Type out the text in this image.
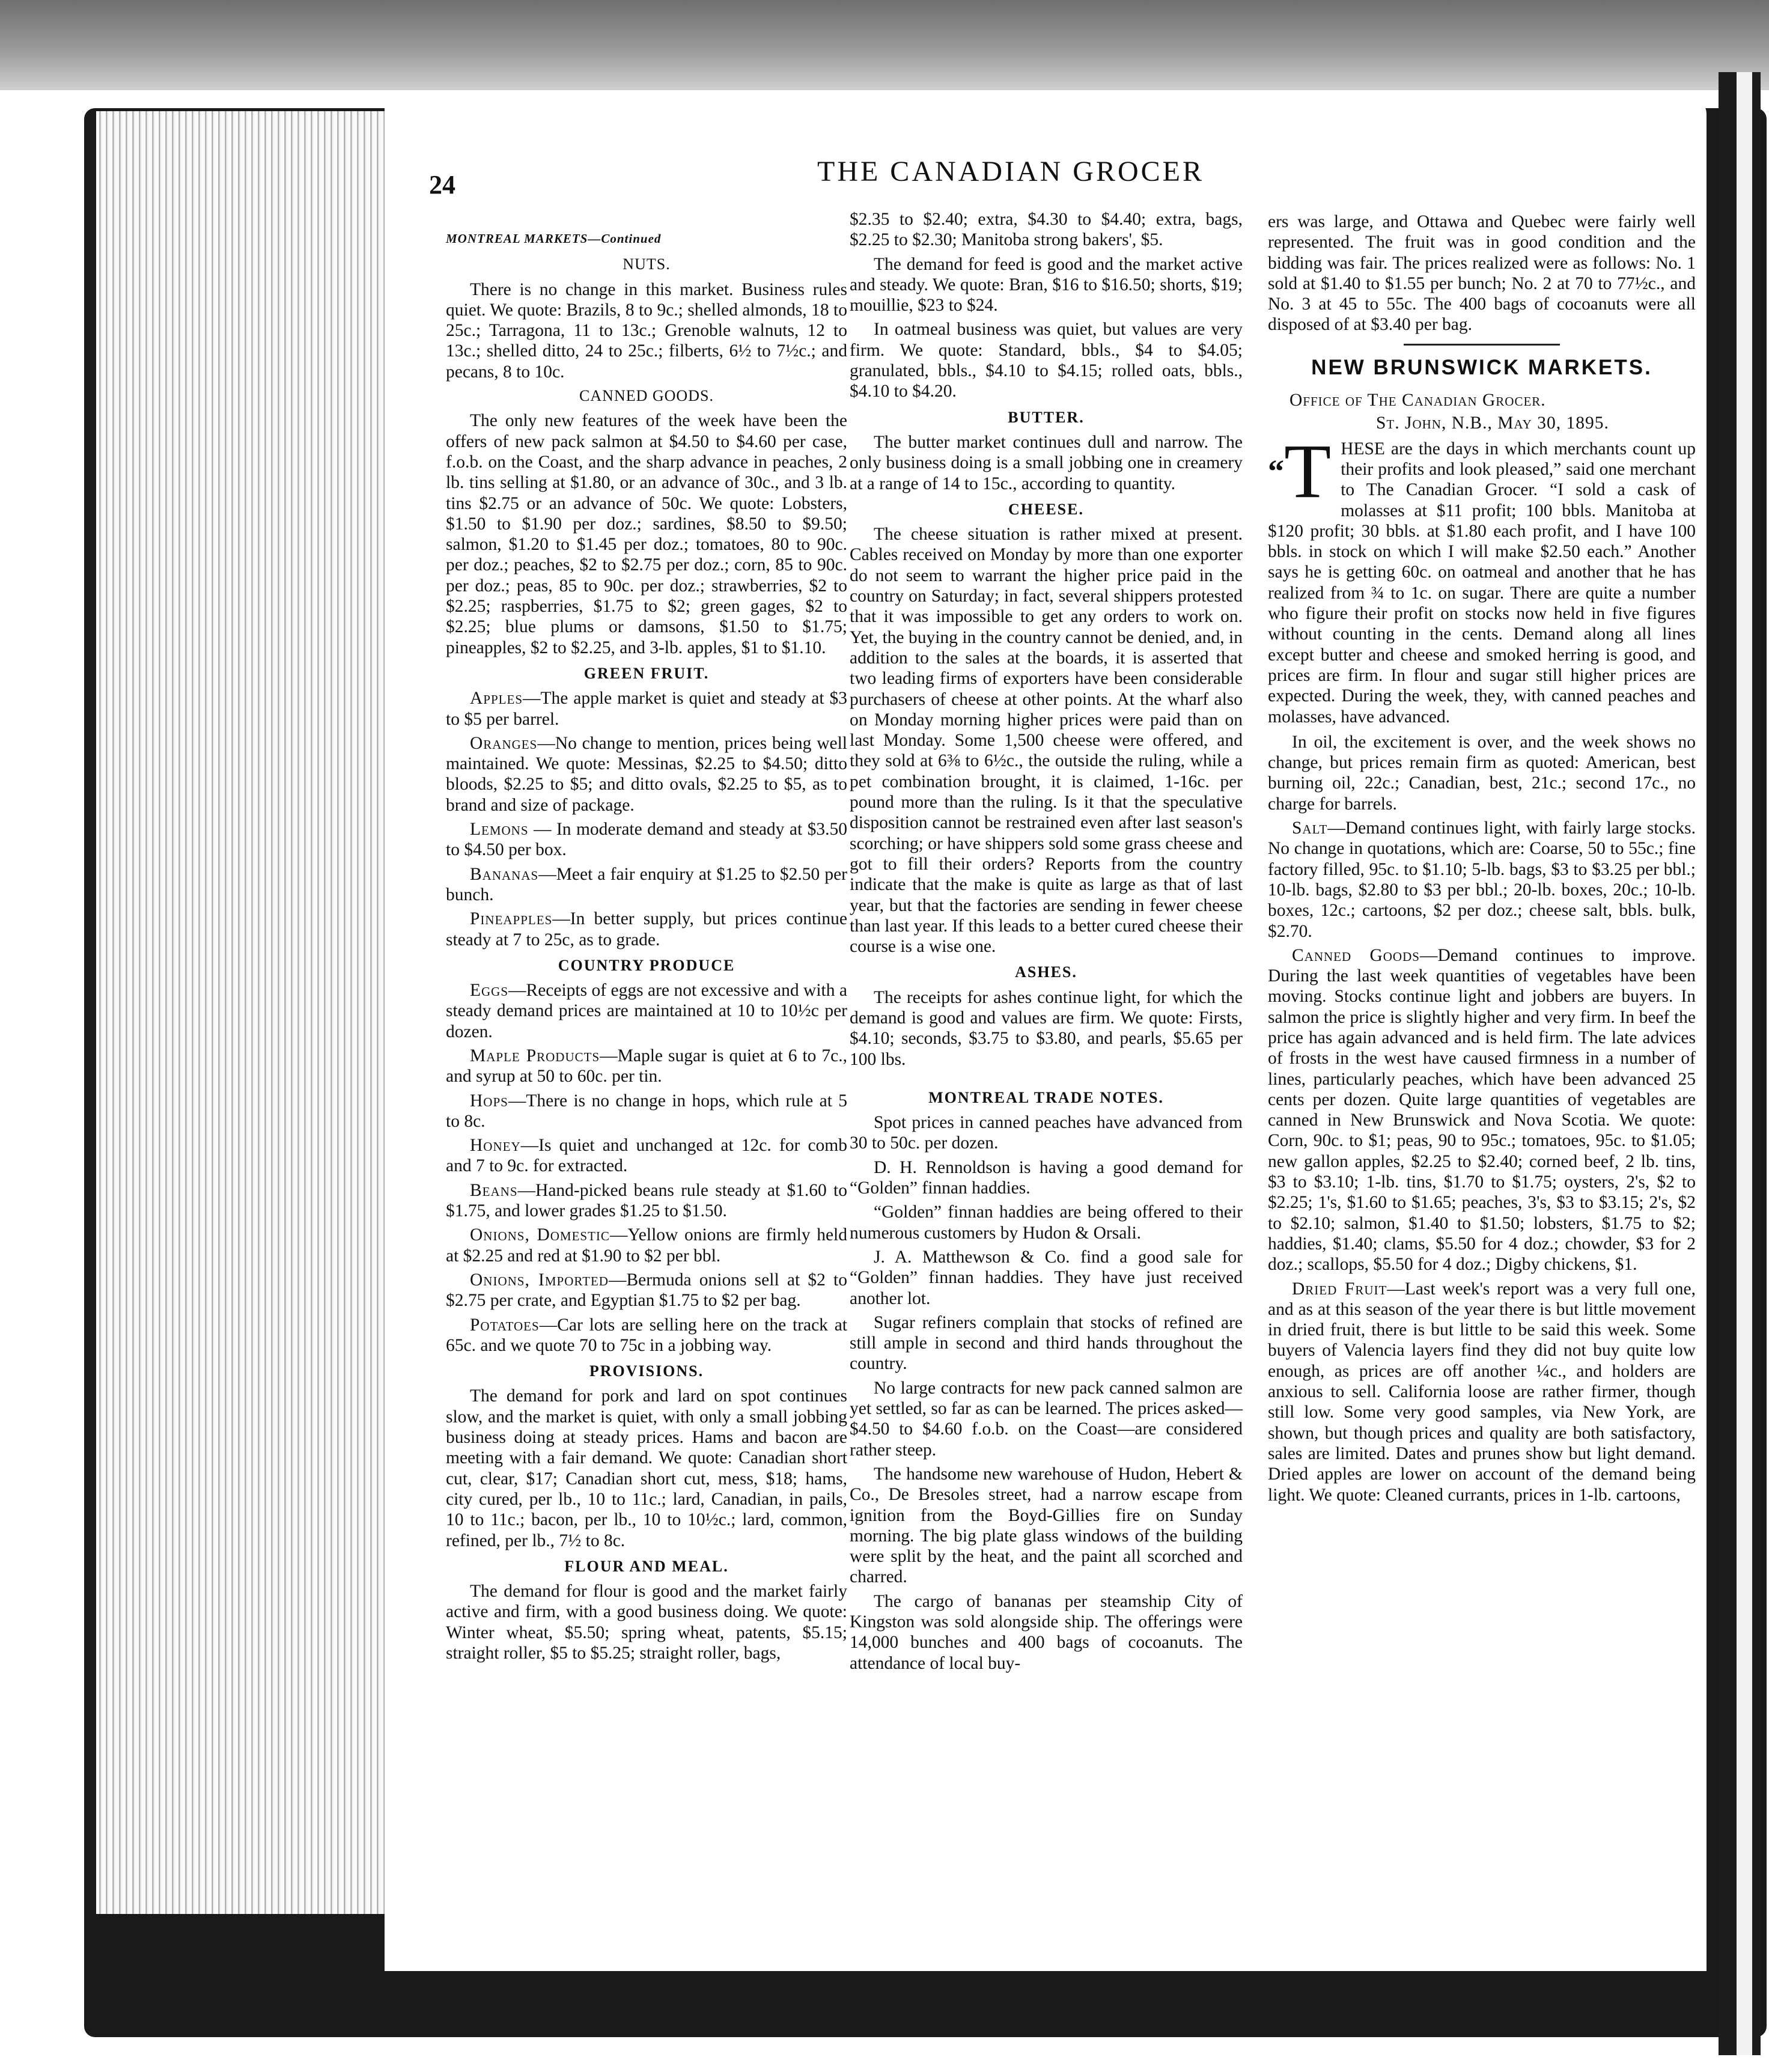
24	THE CANADIAN GROCER
MONTREAL MARKETS—Continued
NUTS.

There is no change in this market. Business rules quiet. We quote: Brazils, 8 to 9c.; shelled almonds, 18 to 25c.; Tarragona, 11 to 13c.; Grenoble walnuts, 12 to 13c.; shelled ditto, 24 to 25c.; filberts, 6½ to 7½c.; and pecans, 8 to 10c.

CANNED GOODS.

The only new features of the week have been the offers of new pack salmon at $4.50 to $4.60 per case, f.o.b. on the Coast, and the sharp advance in peaches, 2 lb. tins selling at $1.80, or an advance of 30c., and 3 lb. tins $2.75 or an advance of 50c. We quote: Lobsters, $1.50 to $1.90 per doz.; sardines, $8.50 to $9.50; salmon, $1.20 to $1.45 per doz.; tomatoes, 80 to 90c. per doz.; peaches, $2 to $2.75 per doz.; corn, 85 to 90c. per doz.; peas, 85 to 90c. per doz.; strawberries, $2 to $2.25; raspberries, $1.75 to $2; green gages, $2 to $2.25; blue plums or damsons, $1.50 to $1.75; pineapples, $2 to $2.25, and 3-lb. apples, $1 to $1.10.

GREEN FRUIT.

Apples—The apple market is quiet and steady at $3 to $5 per barrel.

Oranges—No change to mention, prices being well maintained. We quote: Messinas, $2.25 to $4.50; ditto bloods, $2.25 to $5; and ditto ovals, $2.25 to $5, as to brand and size of package.

Lemons — In moderate demand and steady at $3.50 to $4.50 per box.

Bananas—Meet a fair enquiry at $1.25 to $2.50 per bunch.

Pineapples—In better supply, but prices continue steady at 7 to 25c, as to grade.

COUNTRY PRODUCE

Eggs—Receipts of eggs are not excessive and with a steady demand prices are maintained at 10 to 10½c per dozen.

Maple Products—Maple sugar is quiet at 6 to 7c., and syrup at 50 to 60c. per tin.

Hops—There is no change in hops, which rule at 5 to 8c.

Honey—Is quiet and unchanged at 12c. for comb and 7 to 9c. for extracted.

Beans—Hand-picked beans rule steady at $1.60 to $1.75, and lower grades $1.25 to $1.50.

Onions, Domestic—Yellow onions are firmly held at $2.25 and red at $1.90 to $2 per bbl.

Onions, Imported—Bermuda onions sell at $2 to $2.75 per crate, and Egyptian $1.75 to $2 per bag.

Potatoes—Car lots are selling here on the track at 65c. and we quote 70 to 75c in a jobbing way.

PROVISIONS.

The demand for pork and lard on spot continues slow, and the market is quiet, with only a small jobbing business doing at steady prices. Hams and bacon are meeting with a fair demand. We quote: Canadian short cut, clear, $17; Canadian short cut, mess, $18; hams, city cured, per lb., 10 to 11c.; lard, Canadian, in pails, 10 to 11c.; bacon, per lb., 10 to 10½c.; lard, common, refined, per lb., 7½ to 8c.

FLOUR AND MEAL.

The demand for flour is good and the market fairly active and firm, with a good business doing. We quote: Winter wheat, $5.50; spring wheat, patents, $5.15; straight roller, $5 to $5.25; straight roller, bags,

$2.35 to $2.40; extra, $4.30 to $4.40; extra, bags, $2.25 to $2.30; Manitoba strong bakers', $5.

The demand for feed is good and the market active and steady. We quote: Bran, $16 to $16.50; shorts, $19; mouillie, $23 to $24.

In oatmeal business was quiet, but values are very firm. We quote: Standard, bbls., $4 to $4.05; granulated, bbls., $4.10 to $4.15; rolled oats, bbls., $4.10 to $4.20.

BUTTER.

The butter market continues dull and narrow. The only business doing is a small jobbing one in creamery at a range of 14 to 15c., according to quantity.

CHEESE.

The cheese situation is rather mixed at present. Cables received on Monday by more than one exporter do not seem to warrant the higher price paid in the country on Saturday; in fact, several shippers protested that it was impossible to get any orders to work on. Yet, the buying in the country cannot be denied, and, in addition to the sales at the boards, it is asserted that two leading firms of exporters have been considerable purchasers of cheese at other points. At the wharf also on Monday morning higher prices were paid than on last Monday. Some 1,500 cheese were offered, and they sold at 6⅜ to 6½c., the outside the ruling, while a pet combination brought, it is claimed, 1-16c. per pound more than the ruling. Is it that the speculative disposition cannot be restrained even after last season's scorching; or have shippers sold some grass cheese and got to fill their orders? Reports from the country indicate that the make is quite as large as that of last year, but that the factories are sending in fewer cheese than last year. If this leads to a better cured cheese their course is a wise one.

ASHES.

The receipts for ashes continue light, for which the demand is good and values are firm. We quote: Firsts, $4.10; seconds, $3.75 to $3.80, and pearls, $5.65 per 100 lbs.

MONTREAL TRADE NOTES.

Spot prices in canned peaches have advanced from 30 to 50c. per dozen.

D. H. Rennoldson is having a good demand for “Golden” finnan haddies.

“Golden” finnan haddies are being offered to their numerous customers by Hudon & Orsali.

J. A. Matthewson & Co. find a good sale for “Golden” finnan haddies. They have just received another lot.

Sugar refiners complain that stocks of refined are still ample in second and third hands throughout the country.

No large contracts for new pack canned salmon are yet settled, so far as can be learned. The prices asked—$4.50 to $4.60 f.o.b. on the Coast—are considered rather steep.

The handsome new warehouse of Hudon, Hebert & Co., De Bresoles street, had a narrow escape from ignition from the Boyd-Gillies fire on Sunday morning. The big plate glass windows of the building were split by the heat, and the paint all scorched and charred.

The cargo of bananas per steamship City of Kingston was sold alongside ship. The offerings were 14,000 bunches and 400 bags of cocoanuts. The attendance of local buy-

ers was large, and Ottawa and Quebec were fairly well represented. The fruit was in good condition and the bidding was fair. The prices realized were as follows: No. 1 sold at $1.40 to $1.55 per bunch; No. 2 at 70 to 77½c., and No. 3 at 45 to 55c. The 400 bags of cocoanuts were all disposed of at $3.40 per bag.

NEW BRUNSWICK MARKETS.
Office of The Canadian Grocer.
St. John, N.B., May 30, 1895.
“T HESE are the days in which merchants count up their profits and look pleased,” said one merchant to The Canadian Grocer. “I sold a cask of molasses at $11 profit; 100 bbls. Manitoba at $120 profit; 30 bbls. at $1.80 each profit, and I have 100 bbls. in stock on which I will make $2.50 each.” Another says he is getting 60c. on oatmeal and another that he has realized from ¾ to 1c. on sugar. There are quite a number who figure their profit on stocks now held in five figures without counting in the cents. Demand along all lines except butter and cheese and smoked herring is good, and prices are firm. In flour and sugar still higher prices are expected. During the week, they, with canned peaches and molasses, have advanced.

In oil, the excitement is over, and the week shows no change, but prices remain firm as quoted: American, best burning oil, 22c.; Canadian, best, 21c.; second 17c., no charge for barrels.

Salt—Demand continues light, with fairly large stocks. No change in quotations, which are: Coarse, 50 to 55c.; fine factory filled, 95c. to $1.10; 5-lb. bags, $3 to $3.25 per bbl.; 10-lb. bags, $2.80 to $3 per bbl.; 20-lb. boxes, 20c.; 10-lb. boxes, 12c.; cartoons, $2 per doz.; cheese salt, bbls. bulk, $2.70.

Canned Goods—Demand continues to improve. During the last week quantities of vegetables have been moving. Stocks continue light and jobbers are buyers. In salmon the price is slightly higher and very firm. In beef the price has again advanced and is held firm. The late advices of frosts in the west have caused firmness in a number of lines, particularly peaches, which have been advanced 25 cents per dozen. Quite large quantities of vegetables are canned in New Brunswick and Nova Scotia. We quote: Corn, 90c. to $1; peas, 90 to 95c.; tomatoes, 95c. to $1.05; new gallon apples, $2.25 to $2.40; corned beef, 2 lb. tins, $3 to $3.10; 1-lb. tins, $1.70 to $1.75; oysters, 2's, $2 to $2.25; 1's, $1.60 to $1.65; peaches, 3's, $3 to $3.15; 2's, $2 to $2.10; salmon, $1.40 to $1.50; lobsters, $1.75 to $2; haddies, $1.40; clams, $5.50 for 4 doz.; chowder, $3 for 2 doz.; scallops, $5.50 for 4 doz.; Digby chickens, $1.

Dried Fruit—Last week's report was a very full one, and as at this season of the year there is but little movement in dried fruit, there is but little to be said this week. Some buyers of Valencia layers find they did not buy quite low enough, as prices are off another ¼c., and holders are anxious to sell. California loose are rather firmer, though still low. Some very good samples, via New York, are shown, but though prices and quality are both satisfactory, sales are limited. Dates and prunes show but light demand. Dried apples are lower on account of the demand being light. We quote: Cleaned currants, prices in 1-lb. cartoons,
